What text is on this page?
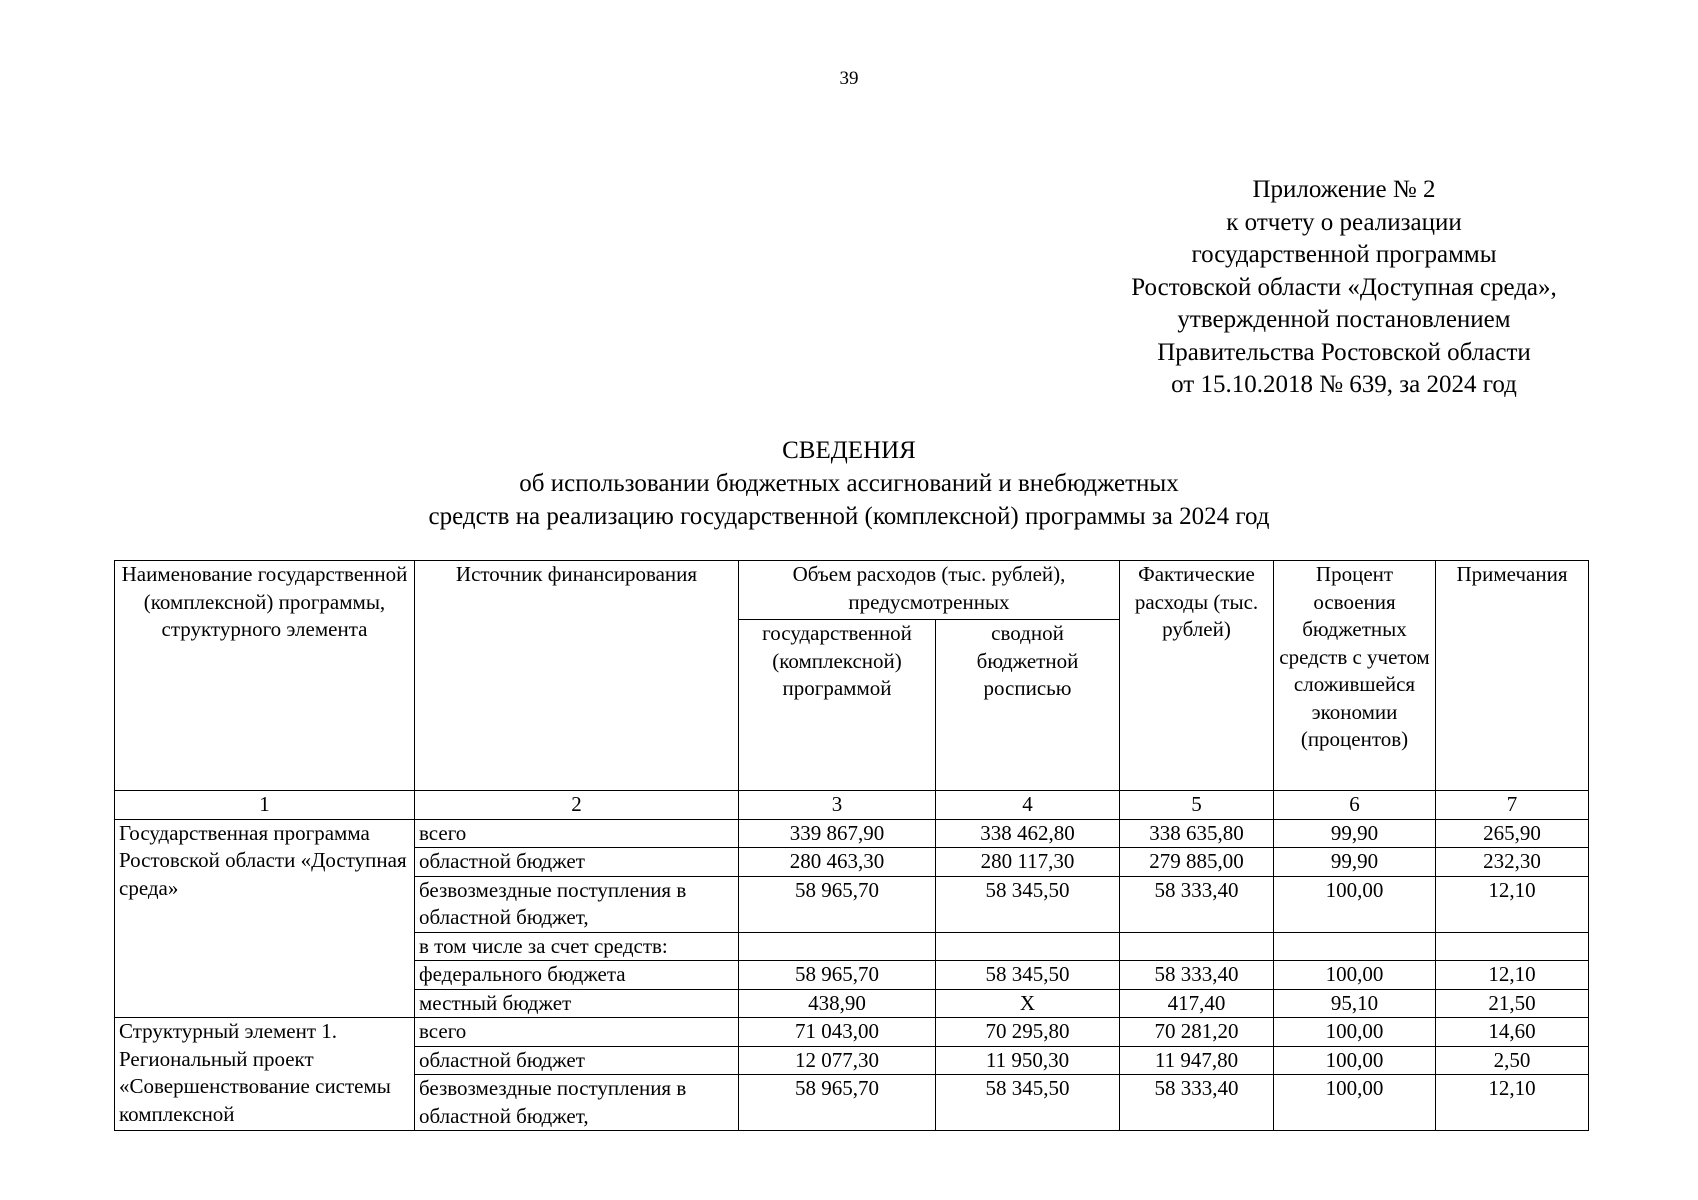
39
Приложение № 2
к отчету о реализации
государственной программы
Ростовской области «Доступная среда»,
утвержденной постановлением
Правительства Ростовской области
от 15.10.2018 № 639, за 2024 год
СВЕДЕНИЯ
об использовании бюджетных ассигнований и внебюджетных
средств на реализацию государственной (комплексной) программы за 2024 год
Наименование государственной (комплексной) программы, структурного элемента	Источник финансирования	Объем расходов (тыс. рублей), предусмотренных		Фактические расходы (тыс. рублей)	Процент освоения бюджетных средств с учетом сложившейся экономии (процентов)	Примечания
		государственной (комплексной) программой	сводной бюджетной росписью			
1	2	3	4	5	6	7
Государственная программа Ростовской области «Доступная среда»	всего	339 867,90	338 462,80	338 635,80	99,90	265,90
	областной бюджет	280 463,30	280 117,30	279 885,00	99,90	232,30
	безвозмездные поступления в областной бюджет,	58 965,70	58 345,50	58 333,40	100,00	12,10
	в том числе за счет средств:					
	федерального бюджета	58 965,70	58 345,50	58 333,40	100,00	12,10
	местный бюджет	438,90	Х	417,40	95,10	21,50
Структурный элемент 1. Региональный проект «Совершенствование системы комплексной	всего	71 043,00	70 295,80	70 281,20	100,00	14,60
	областной бюджет	12 077,30	11 950,30	11 947,80	100,00	2,50
	безвозмездные поступления в областной бюджет,	58 965,70	58 345,50	58 333,40	100,00	12,10
